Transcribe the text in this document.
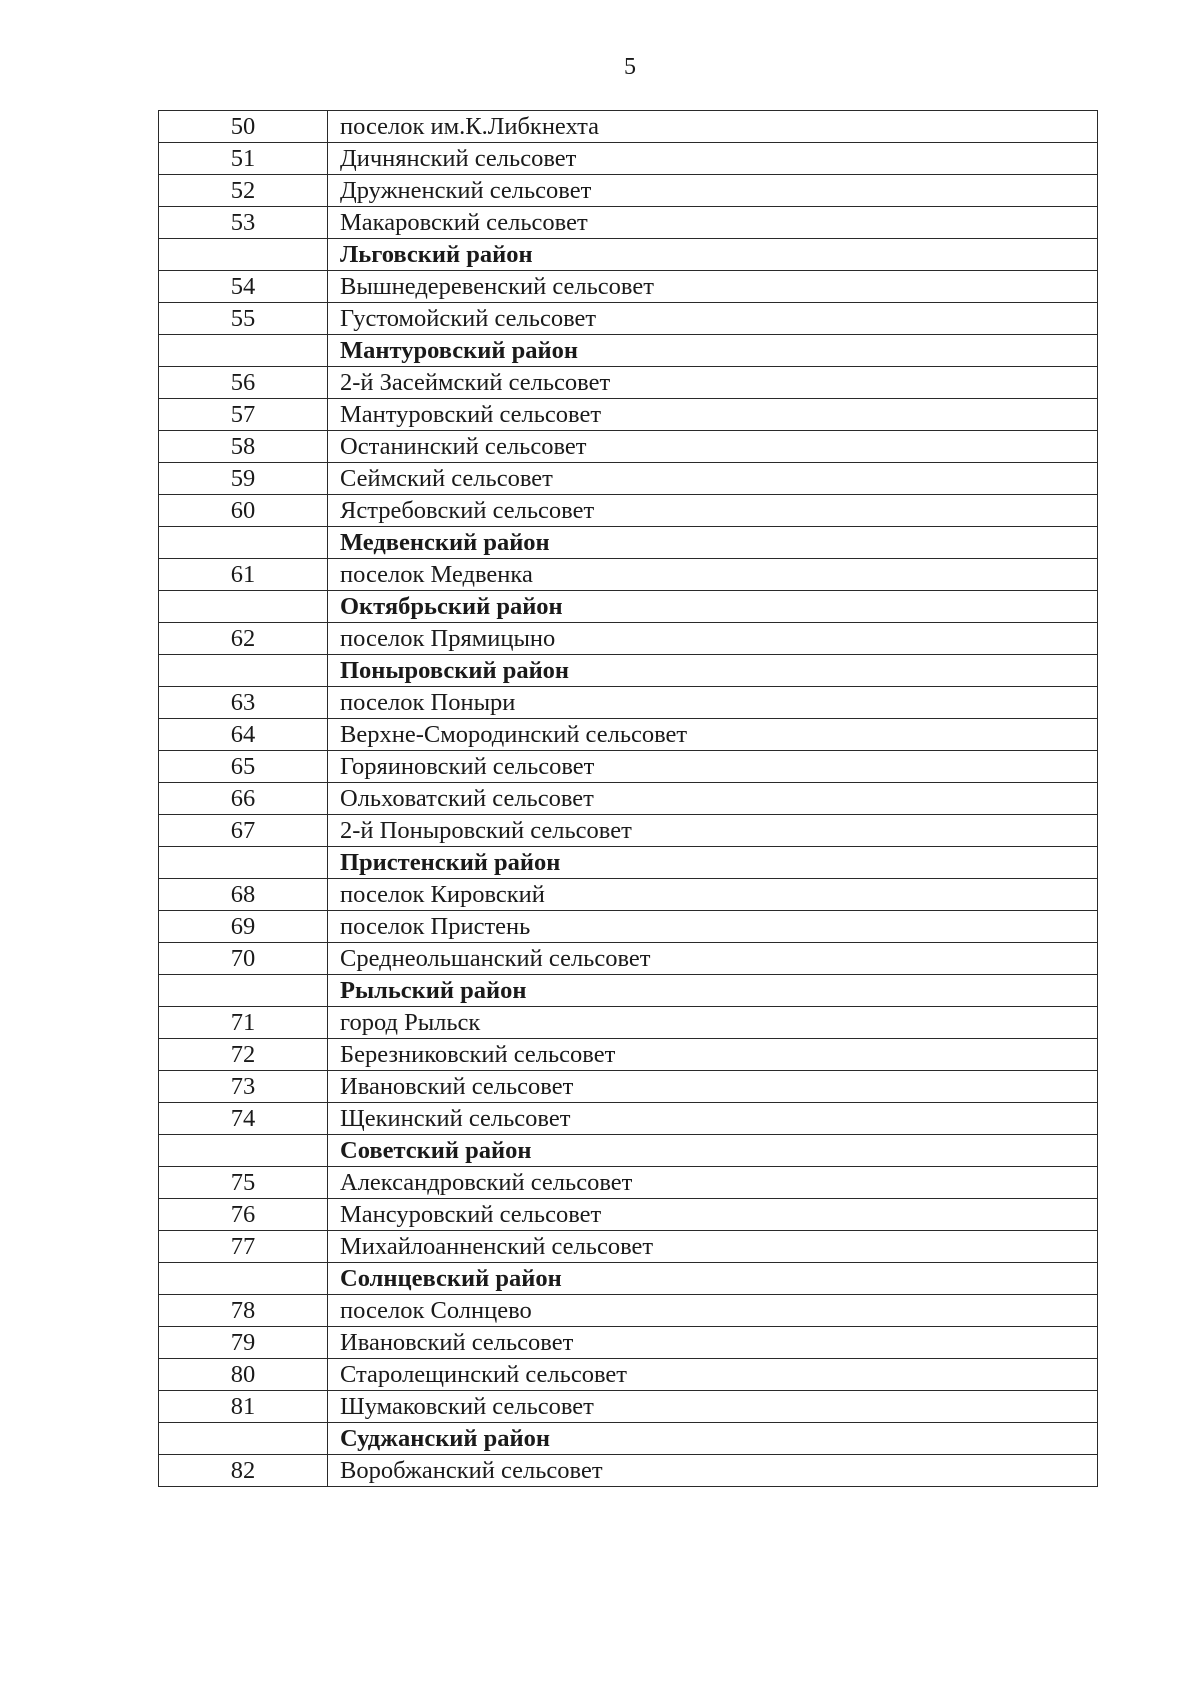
5
50	поселок им.К.Либкнехта
51	Дичнянский сельсовет
52	Дружненский сельсовет
53	Макаровский сельсовет
	Льговский район
54	Вышнедеревенский сельсовет
55	Густомойский сельсовет
	Мантуровский район
56	2-й Засеймский сельсовет
57	Мантуровский сельсовет
58	Останинский сельсовет
59	Сеймский сельсовет
60	Ястребовский сельсовет
	Медвенский район
61	поселок Медвенка
	Октябрьский район
62	поселок Прямицыно
	Поныровский район
63	поселок Поныри
64	Верхне-Смородинский сельсовет
65	Горяиновский сельсовет
66	Ольховатский сельсовет
67	2-й Поныровский сельсовет
	Пристенский район
68	поселок Кировский
69	поселок Пристень
70	Среднеольшанский сельсовет
	Рыльский район
71	город Рыльск
72	Березниковский сельсовет
73	Ивановский сельсовет
74	Щекинский сельсовет
	Советский район
75	Александровский сельсовет
76	Мансуровский сельсовет
77	Михайлоанненский сельсовет
	Солнцевский район
78	поселок Солнцево
79	Ивановский сельсовет
80	Старолещинский сельсовет
81	Шумаковский сельсовет
	Суджанский район
82	Воробжанский сельсовет
